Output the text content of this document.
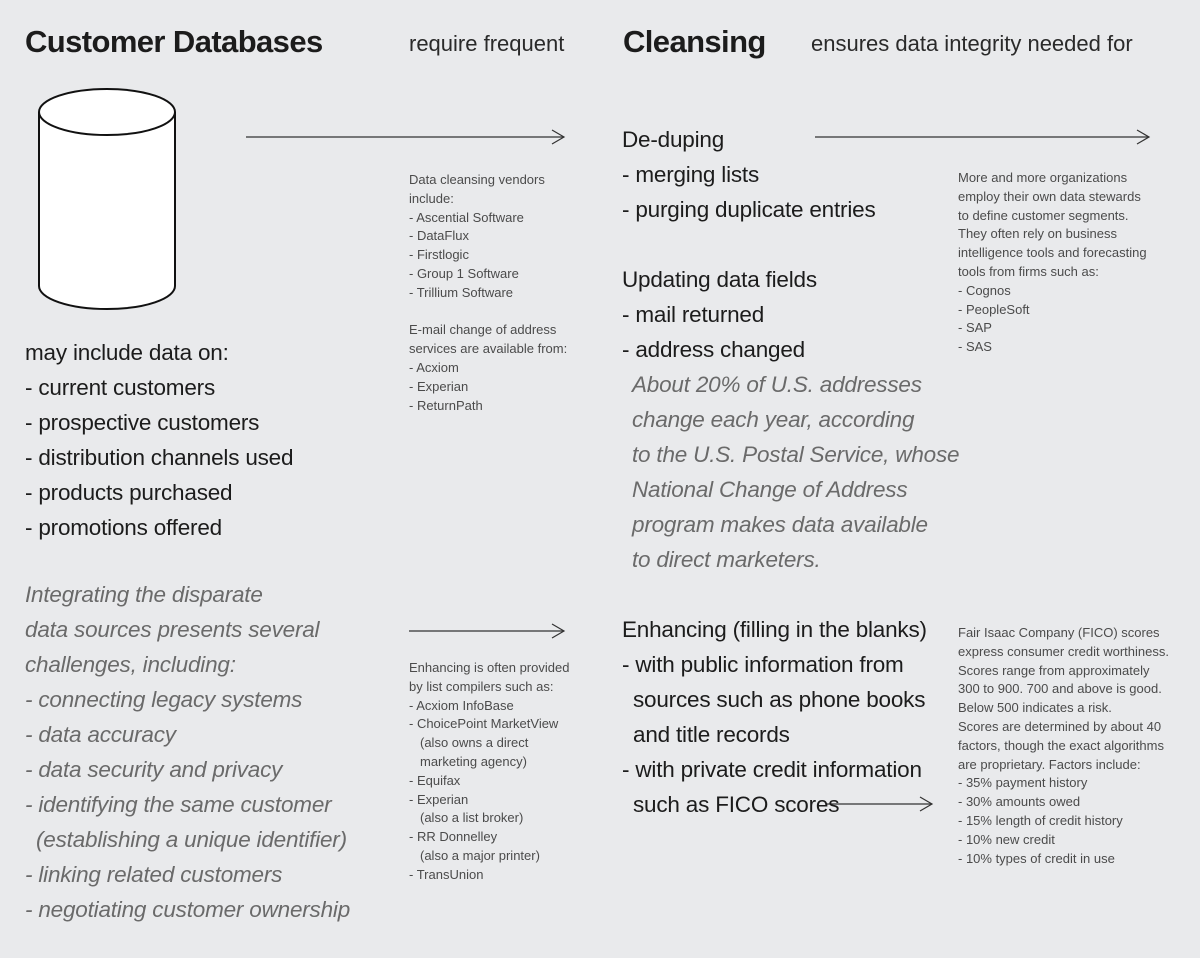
Customer Databases	require frequent Cleansing ensures data integrity needed for
may include data on:
- current customers
- prospective customers
- distribution channels used
- products purchased
- promotions offered
Integrating the disparate
data sources presents several
challenges, including:
- connecting legacy systems
- data accuracy
- data security and privacy
- identifying the same customer
(establishing a unique identifier)
- linking related customers
- negotiating customer ownership
Data cleansing vendors
include:
- Ascential Software
- DataFlux
- Firstlogic
- Group 1 Software
- Trillium Software
E-mail change of address
services are available from:
- Acxiom
- Experian
- ReturnPath
Enhancing is often provided
by list compilers such as:
- Acxiom InfoBase
- ChoicePoint MarketView
(also owns a direct
marketing agency)
- Equifax
- Experian
(also a list broker)
- RR Donnelley
(also a major printer)
- TransUnion
De-duping
- merging lists
- purging duplicate entries
Updating data fields
- mail returned
- address changed
About 20% of U.S. addresses
change each year, according
to the U.S. Postal Service, whose
National Change of Address
program makes data available
to direct marketers.
Enhancing (filling in the blanks)
- with public information from
sources such as phone books
and title records
- with private credit information
such as FICO scores
More and more organizations
employ their own data stewards
to define customer segments.
They often rely on business
intelligence tools and forecasting
tools from firms such as:
- Cognos
- PeopleSoft
- SAP
- SAS
Fair Isaac Company (FICO) scores
express consumer credit worthiness.
Scores range from approximately
300 to 900. 700 and above is good.
Below 500 indicates a risk.
Scores are determined by about 40
factors, though the exact algorithms
are proprietary. Factors include:
- 35% payment history
- 30% amounts owed
- 15% length of credit history
- 10% new credit
- 10% types of credit in use
